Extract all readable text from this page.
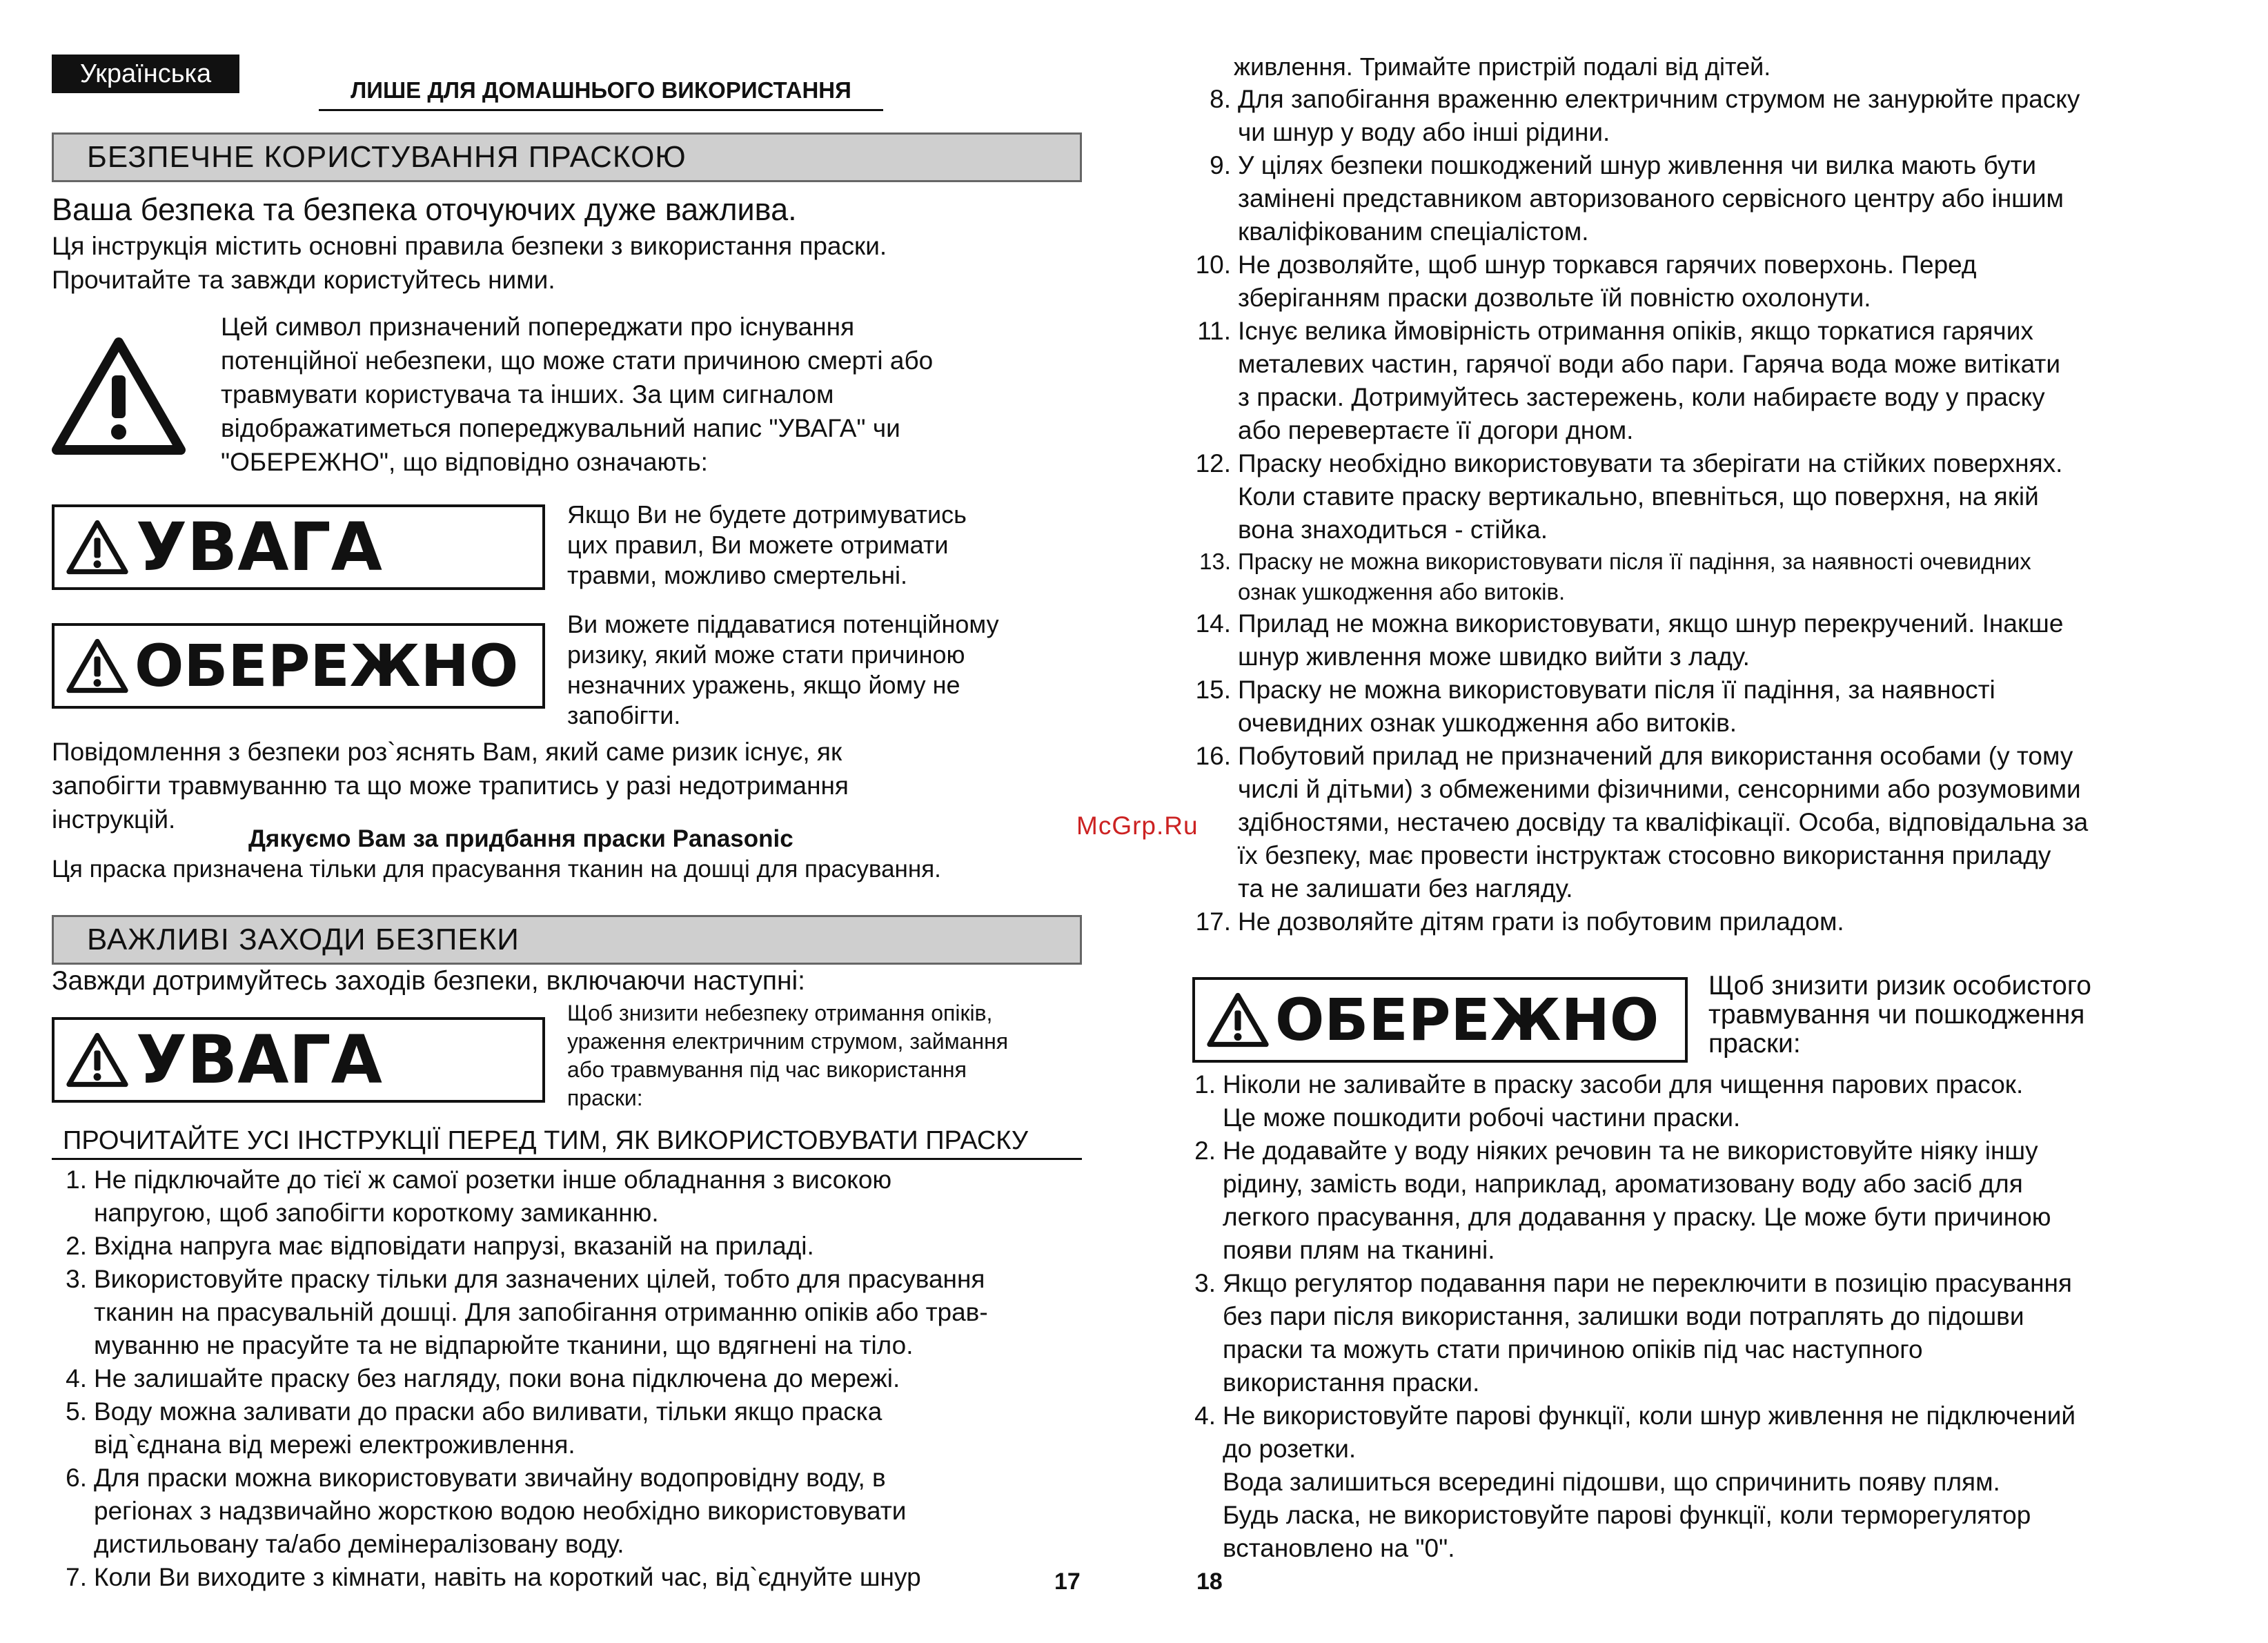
Українська
ЛИШЕ ДЛЯ ДОМАШНЬОГО ВИКОРИСТАННЯ
БЕЗПЕЧНЕ КОРИСТУВАННЯ ПРАСКОЮ
Ваша безпека та безпека оточуючих дуже важлива.

Ця інструкція містить основні правила безпеки з використання праски.

Прочитайте та завжди користуйтесь ними.

Цей символ призначений попереджати про існування

потенційної небезпеки, що може стати причиною смерті або

травмувати користувача та інших. За цим сигналом

відображатиметься попереджувальний напис "УВАГА" чи

"ОБЕРЕЖНО", що відповідно означають:

УВАГА	Якщо Ви не будете дотримуватись
цих правил, Ви можете отримати
травми, можливо смертельні.
ОБЕРЕЖНО
Ви можете піддаватися потенційному
ризику, який може стати причиною
незначних уражень, якщо йому не
запобігти.

Повідомлення з безпеки роз`яснять Вам, який саме ризик існує, як

запобігти травмуванню та що може трапитись у разі недотримання

інструкцій.

Дякуємо Вам за придбання праски Panasonic
Ця праска призначена тільки для прасування тканин на дошці для прасування.
ВАЖЛИВІ ЗАХОДИ БЕЗПЕКИ
Завжди дотримуйтесь заходів безпеки, включаючи наступні:
УВАГА
Щоб знизити небезпеку отримання опіків,
ураження електричним струмом, займання
або травмування під час використання
праски:
ПРОЧИТАЙТЕ УСІ ІНСТРУКЦІЇ ПЕРЕД ТИМ, ЯК ВИКОРИСТОВУВАТИ ПРАСКУ
1. Не підключайте до тієї ж самої розетки інше обладнання з високою
напругою, щоб запобігти короткому замиканню.
2. Вхідна напруга має відповідати напрузі, вказаній на приладі.
3. Використовуйте праску тільки для зазначених цілей, тобто для прасування
тканин на прасувальній дошці. Для запобігання отриманню опіків або трав-
муванню не прасуйте та не відпарюйте тканини, що вдягнені на тіло.
4. Не залишайте праску без нагляду, поки вона підключена до мережі.
5. Воду можна заливати до праски або виливати, тільки якщо праска
від`єднана від мережі електроживлення.
6. Для праски можна використовувати звичайну водопровідну воду, в
регіонах з надзвичайно жорсткою водою необхідно використовувати
дистильовану та/або демінералізовану воду.
7. Коли Ви виходите з кімнати, навіть на короткий час, від`єднуйте шнур	17
живлення. Тримайте пристрій подалі від дітей.
8. Для запобігання враженню електричним струмом не занурюйте праску
чи шнур у воду або інші рідини.
9. У цілях безпеки пошкоджений шнур живлення чи вилка мають бути
замінені представником авторизованого сервісного центру або іншим
кваліфікованим спеціалістом.
10. Не дозволяйте, щоб шнур торкався гарячих поверхонь. Перед
зберіганням праски дозвольте їй повністю охолонути.
11. Існує велика ймовірність отримання опіків, якщо торкатися гарячих
металевих частин, гарячої води або пари. Гаряча вода може витікати
з праски. Дотримуйтесь застережень, коли набираєте воду у праску
або перевертаєте її догори дном.
12. Праску необхідно використовувати та зберігати на стійких поверхнях.
Коли ставите праску вертикально, впевніться, що поверхня, на якій
вона знаходиться - стійка.
13. Праску не можна використовувати після її падіння, за наявності очевидних
ознак ушкодження або витоків.
14. Прилад не можна використовувати, якщо шнур перекручений. Інакше
шнур живлення може швидко вийти з ладу.
15. Праску не можна використовувати після її падіння, за наявності
очевидних ознак ушкодження або витоків.
16. Побутовий прилад не призначений для використання особами (у тому
числі й дітьми) з обмеженими фізичними, сенсорними або розумовими
здібностями, нестачею досвіду та кваліфікації. Особа, відповідальна за
їх безпеку, має провести інструктаж стосовно використання приладу
та не залишати без нагляду.
17. Не дозволяйте дітям грати із побутовим приладом.
ОБЕРЕЖНО
Щоб знизити ризик особистого
травмування чи пошкодження
праски:
1. Ніколи не заливайте в праску засоби для чищення парових прасок.
Це може пошкодити робочі частини праски.
2. Не додавайте у воду ніяких речовин та не використовуйте ніяку іншу
рідину, замість води, наприклад, ароматизовану воду або засіб для
легкого прасування, для додавання у праску. Це може бути причиною
появи плям на тканині.
3. Якщо регулятор подавання пари не переключити в позицію прасування
без пари після використання, залишки води потраплять до підошви
праски та можуть стати причиною опіків під час наступного
використання праски.
4. Не використовуйте парові функції, коли шнур живлення не підключений
до розетки.
Вода залишиться всередині підошви, що спричинить появу плям.
Будь ласка, не використовуйте парові функції, коли терморегулятор
встановлено на "0".
18
McGrp.Ru
